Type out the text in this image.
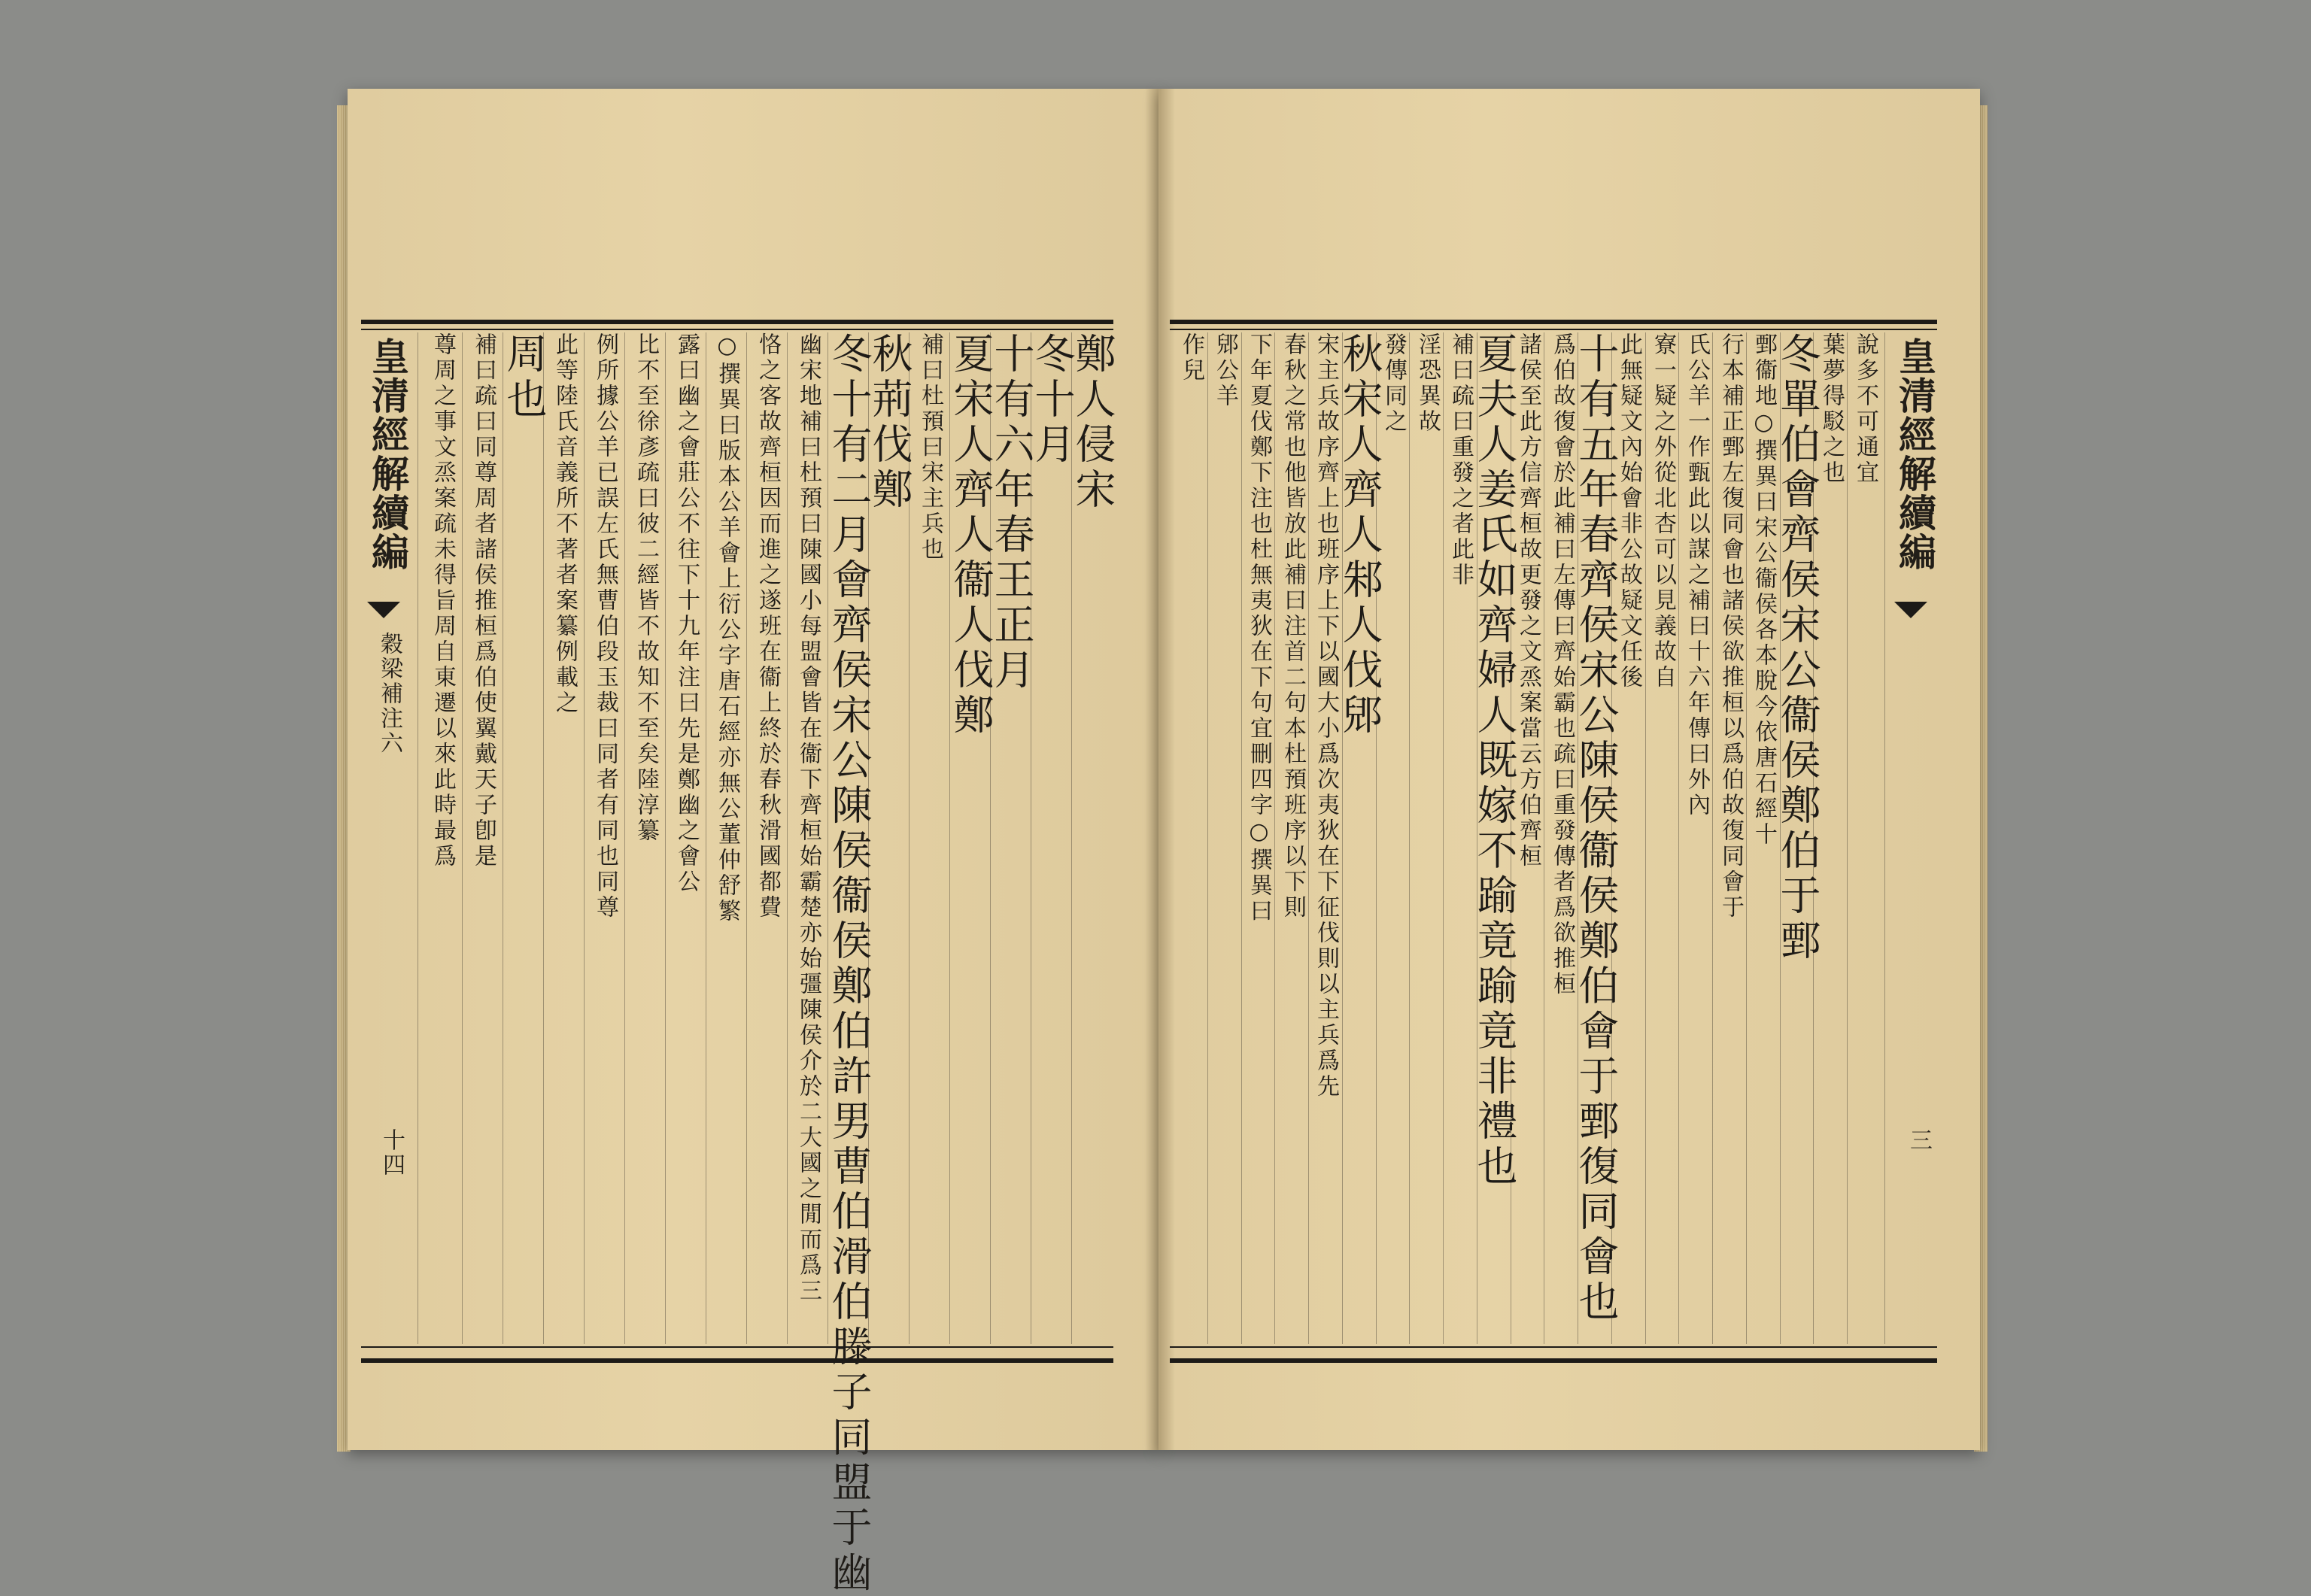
皇清經解續編
穀梁補注六
十四
皇清經解續編
三
鄭人侵宋
冬十月
十有六年春王正月
夏宋人齊人衞人伐鄭
補曰杜預曰宋主兵也
秋荊伐鄭
冬十有二月會齊侯宋公陳侯衞侯鄭伯許男曹伯滑伯滕子同盟于幽
幽宋地補曰杜預曰陳國小每盟會皆在衞下齊桓始霸楚亦始彊陳侯介於二大國之閒而爲三
恪之客故齊桓因而進之遂班在衞上終於春秋滑國都費
○撰異曰版本公羊會上衍公字唐石經亦無公董仲舒繁
露曰幽之會莊公不往下十九年注曰先是鄭幽之會公
比不至徐彥疏曰彼二經皆不故知不至矣陸淳纂
例所據公羊已誤左氏無曹伯段玉裁曰同者有同也同尊
此等陸氏音義所不著者案纂例載之
周也
補曰疏曰同尊周者諸侯推桓爲伯使翼戴天子卽是
尊周之事文烝案疏未得旨周自東遷以來此時最爲	說多不可通宜
葉夢得駁之也
冬單伯會齊侯宋公衞侯鄭伯于鄄
鄄衞地○撰異曰宋公衞侯各本脫今依唐石經十
行本補正鄄左復同會也諸侯欲推桓以爲伯故復同會于
氏公羊一作甄此以謀之補曰十六年傳曰外內
寮一疑之外從北杏可以見義故自
此無疑文內始會非公故疑文任後
十有五年春齊侯宋公陳侯衞侯鄭伯會于鄄復同會也
爲伯故復會於此補曰左傳曰齊始霸也疏曰重發傳者爲欲推桓
諸侯至此方信齊桓故更發之文烝案當云方伯齊桓
夏夫人姜氏如齊婦人既嫁不踰竟踰竟非禮也
補曰疏曰重發之者此非
淫恐異故
發傳同之
秋宋人齊人邾人伐郳
宋主兵故序齊上也班序上下以國大小爲次夷狄在下征伐則以主兵爲先
春秋之常也他皆放此補曰注首二句本杜預班序以下則
下年夏伐鄭下注也杜無夷狄在下句宜刪四字○撰異曰
郳公羊
作兒
